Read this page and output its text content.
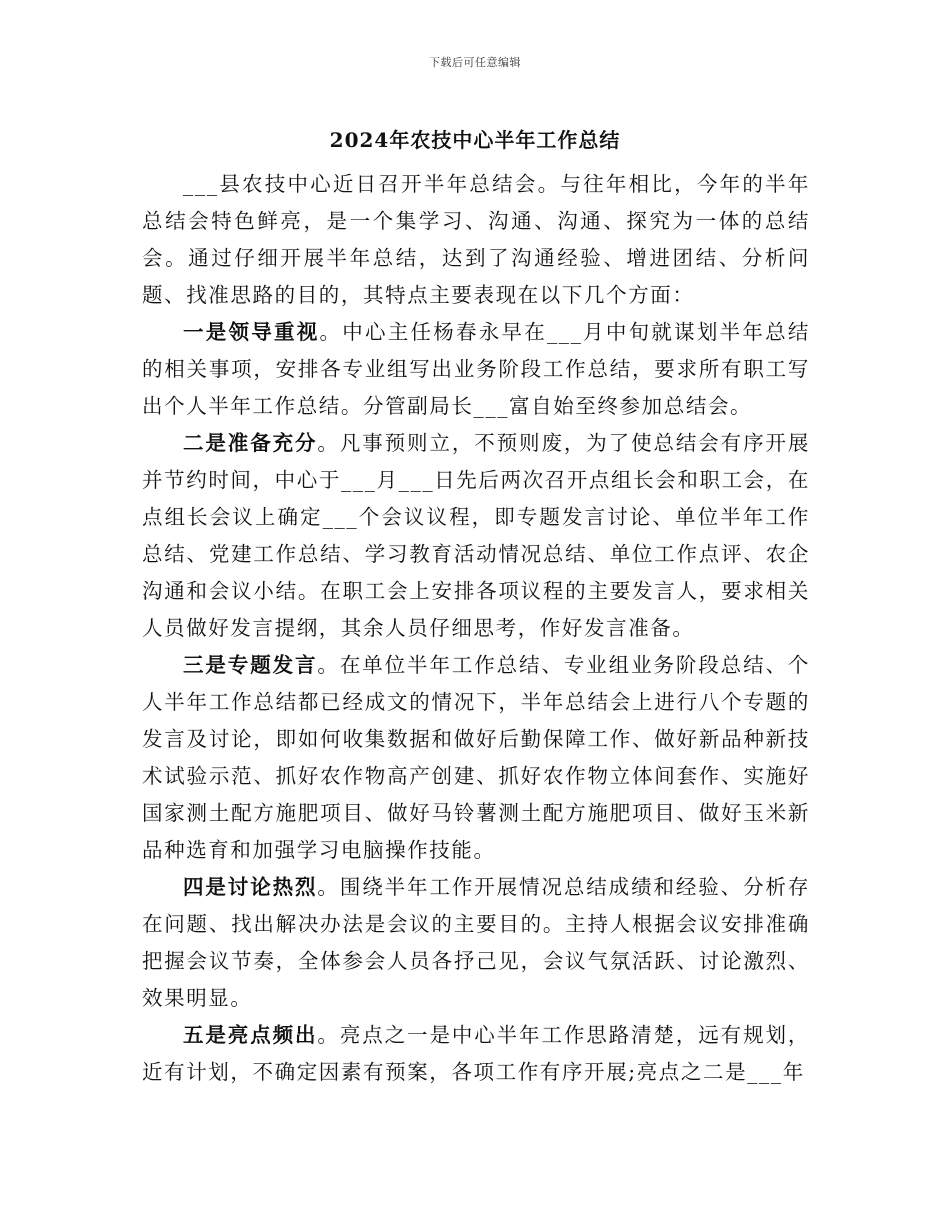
下载后可任意编辑
2024年农技中心半年工作总结

___县农技中心近日召开半年总结会。与往年相比，今年的半年总结会特色鲜亮，是一个集学习、沟通、沟通、探究为一体的总结会。通过仔细开展半年总结，达到了沟通经验、增进团结、分析问题、找准思路的目的，其特点主要表现在以下几个方面：

一是领导重视。中心主任杨春永早在___月中旬就谋划半年总结的相关事项，安排各专业组写出业务阶段工作总结，要求所有职工写出个人半年工作总结。分管副局长___富自始至终参加总结会。

二是准备充分。凡事预则立，不预则废，为了使总结会有序开展并节约时间，中心于___月___日先后两次召开点组长会和职工会，在点组长会议上确定___个会议议程，即专题发言讨论、单位半年工作总结、党建工作总结、学习教育活动情况总结、单位工作点评、农企沟通和会议小结。在职工会上安排各项议程的主要发言人，要求相关人员做好发言提纲，其余人员仔细思考，作好发言准备。

三是专题发言。在单位半年工作总结、专业组业务阶段总结、个人半年工作总结都已经成文的情况下，半年总结会上进行八个专题的发言及讨论，即如何收集数据和做好后勤保障工作、做好新品种新技术试验示范、抓好农作物高产创建、抓好农作物立体间套作、实施好国家测土配方施肥项目、做好马铃薯测土配方施肥项目、做好玉米新品种选育和加强学习电脑操作技能。

四是讨论热烈。围绕半年工作开展情况总结成绩和经验、分析存在问题、找出解决办法是会议的主要目的。主持人根据会议安排准确把握会议节奏，全体参会人员各抒己见，会议气氛活跃、讨论激烈、效果明显。

五是亮点频出。亮点之一是中心半年工作思路清楚，远有规划，近有计划，不确定因素有预案，各项工作有序开展;亮点之二是___年
